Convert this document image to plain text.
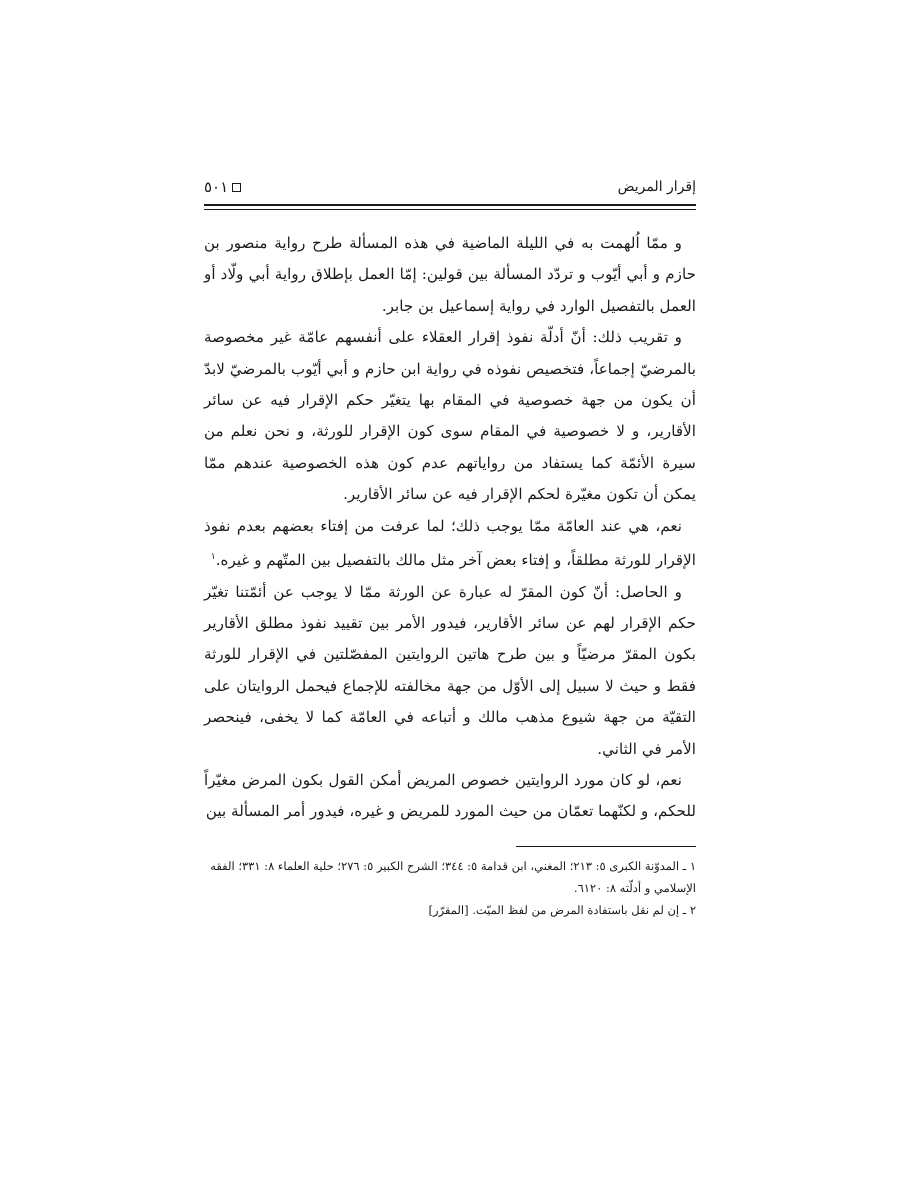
إقرار المريض
٥٠١

و ممّا اُلهمت به في الليلة الماضية في هذه المسألة طرح رواية منصور بن حازم و أبي أيّوب و تردّد المسألة بين قولين: إمّا العمل بإطلاق رواية أبي ولّاد أو العمل بالتفصيل الوارد في رواية إسماعيل بن جابر.

و تقريب ذلك: أنّ أدلّة نفوذ إقرار العقلاء على أنفسهم عامّة غير مخصوصة بالمرضيّ إجماعاً، فتخصيص نفوذه في رواية ابن حازم و أبي أيّوب بالمرضيّ لابدّ أن يكون من جهة خصوصية في المقام بها يتغيّر حكم الإقرار فيه عن سائر الأقارير، و لا خصوصية في المقام سوى كون الإقرار للورثة، و نحن نعلم من سيرة الأئمّة كما يستفاد من رواياتهم عدم كون هذه الخصوصية عندهم ممّا يمكن أن تكون مغيّرة لحكم الإقرار فيه عن سائر الأقارير.

نعم، هي عند العامّة ممّا يوجب ذلك؛ لما عرفت من إفتاء بعضهم بعدم نفوذ الإقرار للورثة مطلقاً، و إفتاء بعض آخر مثل مالك بالتفصيل بين المتّهم و غيره.$^١$

و الحاصل: أنّ كون المقرّ له عبارة عن الورثة ممّا لا يوجب عن أئمّتنا‌ تغيّر حكم الإقرار لهم عن سائر الأقارير، فيدور الأمر بين تقييد نفوذ مطلق الأقارير بكون المقرّ مرضيّاً و بين طرح هاتين الروايتين المفصّلتين في الإقرار للورثة فقط و حيث لا سبيل إلى الأوّل من جهة مخالفته للإجماع فيحمل الروايتان على التقيّة من جهة شيوع مذهب مالك و أتباعه في العامّة كما لا يخفى، فينحصر الأمر في الثاني.

نعم، لو كان مورد الروايتين خصوص المريض أمكن القول بكون المرض مغيّراً للحكم، و لكنّهما تعمّان من حيث المورد للمريض و غيره، فيدور أمر المسألة بين

١ ـ المدوّنة الكبرى ٥: ٢١٣؛ المغني، ابن قدامة ٥: ٣٤٤؛ الشرح الكبير ٥: ٢٧٦؛ حلية العلماء ٨: ٣٣١؛ الفقه الإسلامي و أدلّته ٨: ٦١٢٠.

٢ ـ إن لم نقل باستفادة المرض من لفظ الميّت. [المقرّر]
